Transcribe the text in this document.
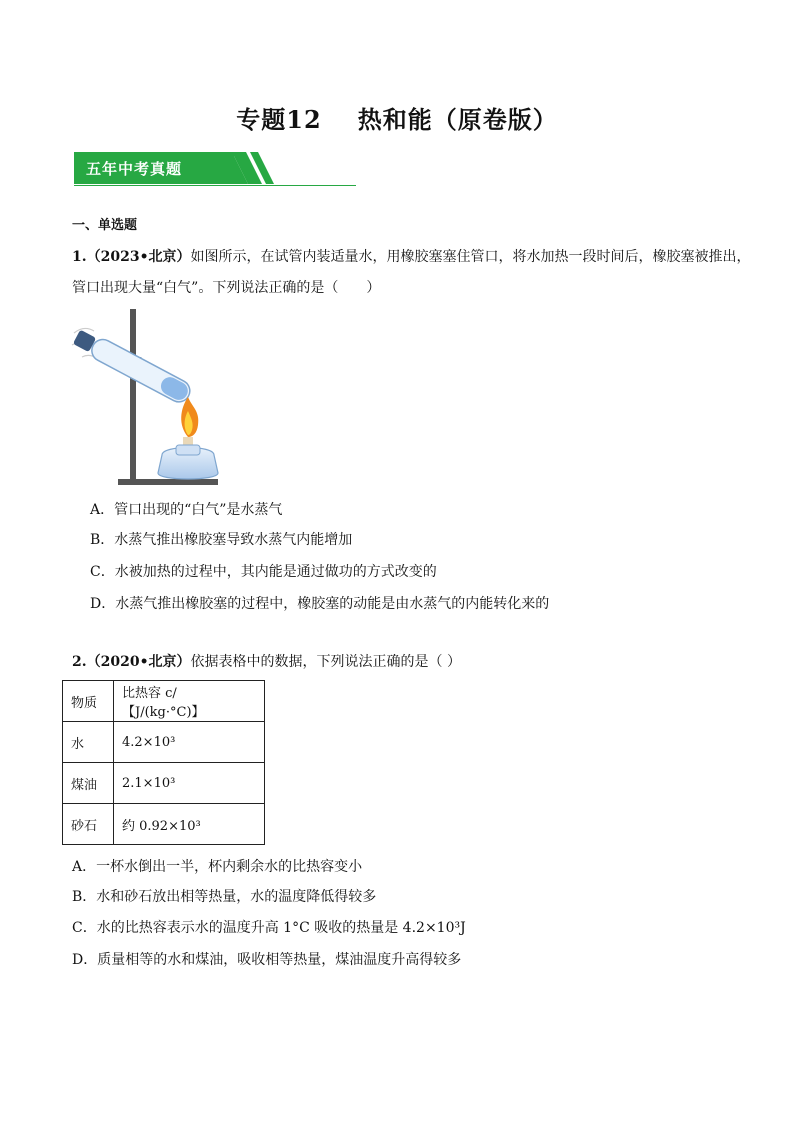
专题12 热和能（原卷版）
五年中考真题
一、单选题
1.（2023•北京）如图所示，在试管内装适量水，用橡胶塞塞住管口，将水加热一段时间后，橡胶塞被推出，
管口出现大量“白气”。下列说法正确的是（　　）
A．管口出现的“白气”是水蒸气
B．水蒸气推出橡胶塞导致水蒸气内能增加
C．水被加热的过程中，其内能是通过做功的方式改变的
D．水蒸气推出橡胶塞的过程中，橡胶塞的动能是由水蒸气的内能转化来的
2.（2020•北京）依据表格中的数据，下列说法正确的是（ ）
物质	比热容 c/ 【J/(kg·°C)】
水	4.2×10³
煤油	2.1×10³
砂石	约 0.92×10³
A．一杯水倒出一半，杯内剩余水的比热容变小
B．水和砂石放出相等热量，水的温度降低得较多
C．水的比热容表示水的温度升高 1°C 吸收的热量是 4.2×10³J
D．质量相等的水和煤油，吸收相等热量，煤油温度升高得较多
